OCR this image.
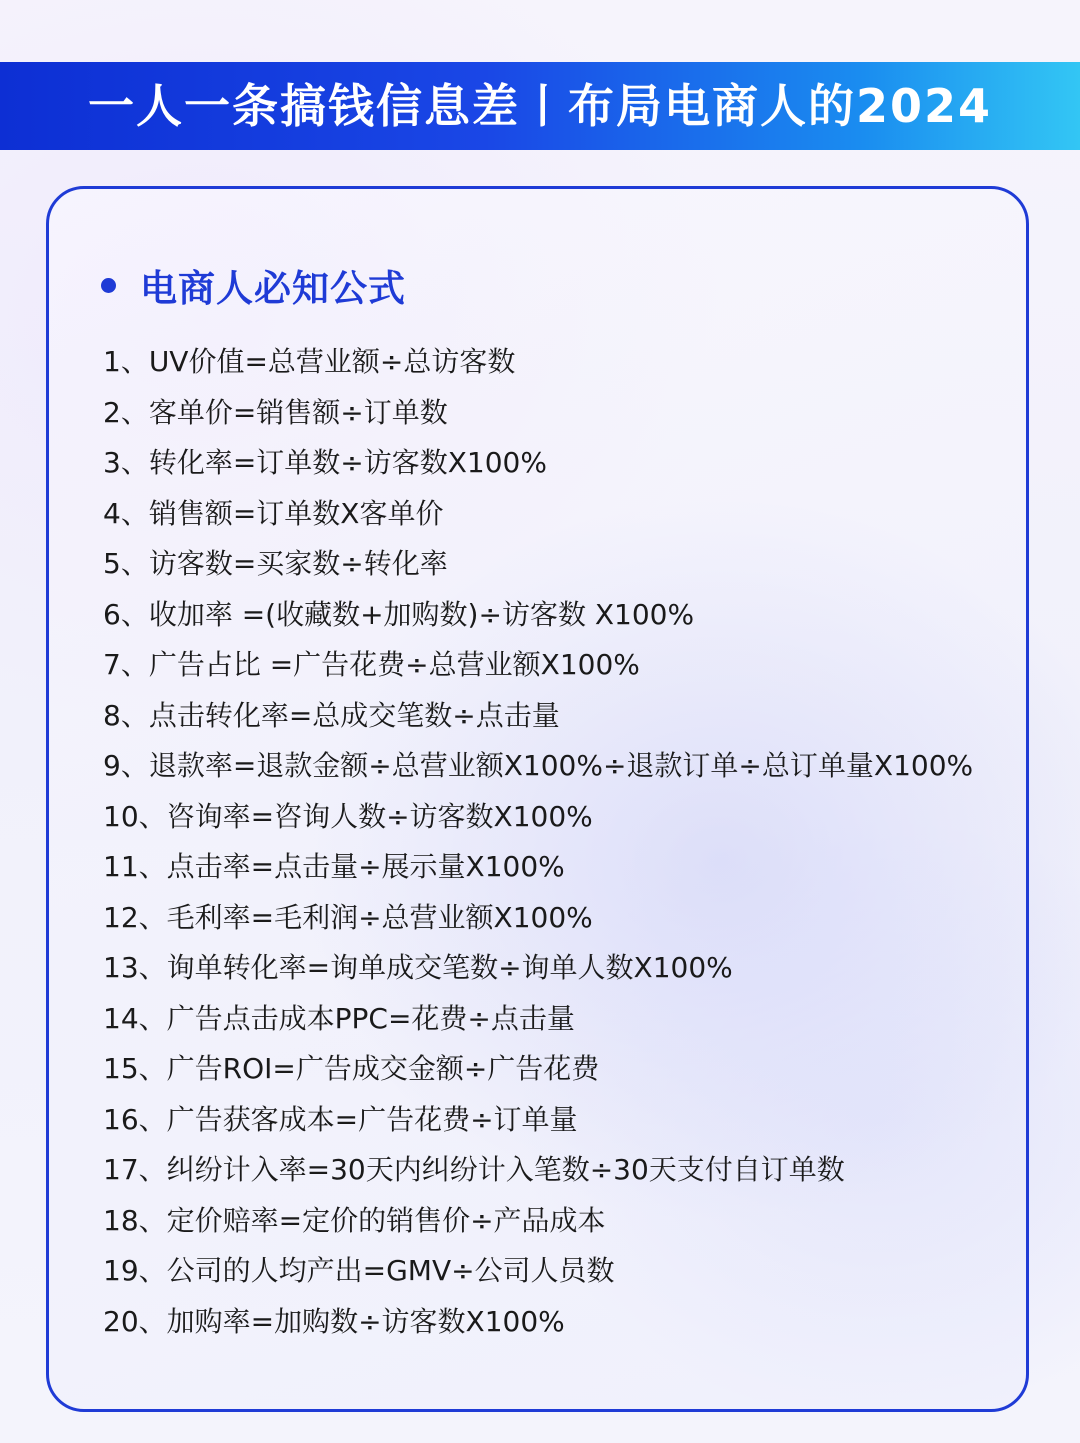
一人一条搞钱信息差丨布局电商人的2024
电商人必知公式
1、UV价值=总营业额÷总访客数
2、客单价=销售额÷订单数
3、转化率=订单数÷访客数X100%
4、销售额=订单数X客单价
5、访客数=买家数÷转化率
6、收加率 =(收藏数+加购数)÷访客数 X100%
7、广告占比 =广告花费÷总营业额X100%
8、点击转化率=总成交笔数÷点击量
9、退款率=退款金额÷总营业额X100%÷退款订单÷总订单量X100%
10、咨询率=咨询人数÷访客数X100%
11、点击率=点击量÷展示量X100%
12、毛利率=毛利润÷总营业额X100%
13、询单转化率=询单成交笔数÷询单人数X100%
14、广告点击成本PPC=花费÷点击量
15、广告ROI=广告成交金额÷广告花费
16、广告获客成本=广告花费÷订单量
17、纠纷计入率=30天内纠纷计入笔数÷30天支付自订单数
18、定价赔率=定价的销售价÷产品成本
19、公司的人均产出=GMV÷公司人员数
20、加购率=加购数÷访客数X100%
